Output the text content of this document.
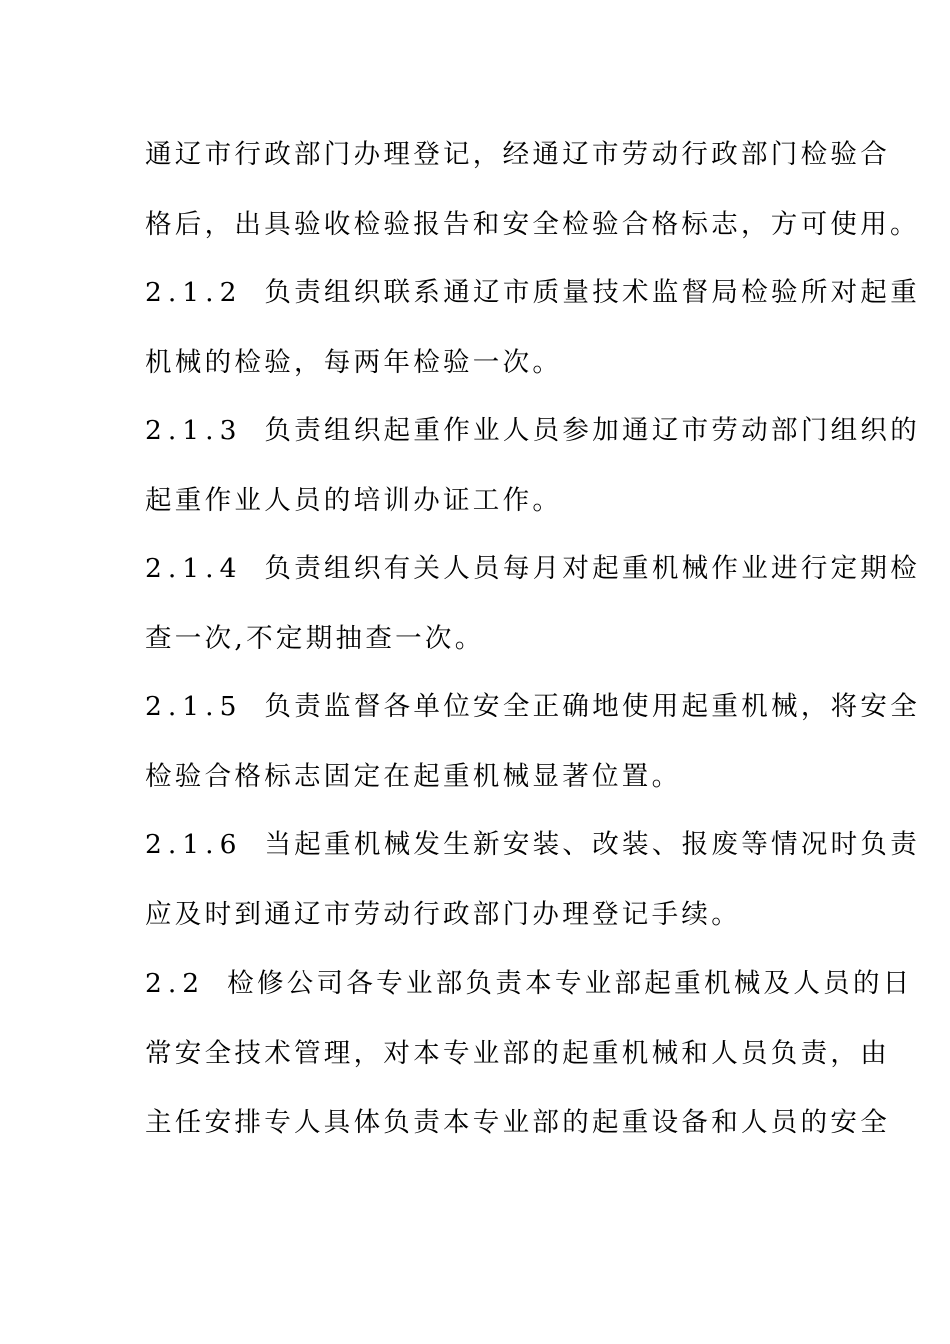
通辽市行政部门办理登记，经通辽市劳动行政部门检验合
格后，出具验收检验报告和安全检验合格标志，方可使用。
2.1.2 负责组织联系通辽市质量技术监督局检验所对起重
机械的检验，每两年检验一次。
2.1.3 负责组织起重作业人员参加通辽市劳动部门组织的
起重作业人员的培训办证工作。
2.1.4 负责组织有关人员每月对起重机械作业进行定期检
查一次,不定期抽查一次。
2.1.5 负责监督各单位安全正确地使用起重机械，将安全
检验合格标志固定在起重机械显著位置。
2.1.6 当起重机械发生新安装、改装、报废等情况时负责
应及时到通辽市劳动行政部门办理登记手续。
2.2 检修公司各专业部负责本专业部起重机械及人员的日
常安全技术管理，对本专业部的起重机械和人员负责，由
主任安排专人具体负责本专业部的起重设备和人员的安全
